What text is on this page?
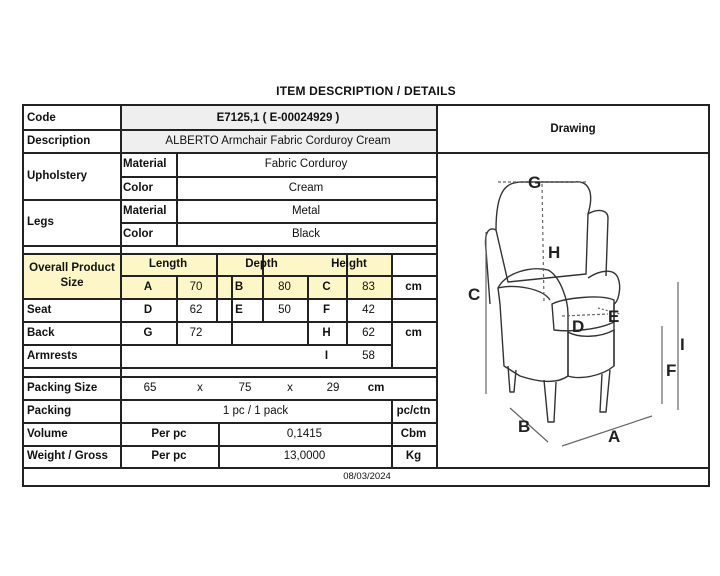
ITEM DESCRIPTION / DETAILS
Code	E7125,1 ( E-00024929 )
Drawing
Description	ALBERTO Armchair Fabric Corduroy Cream
Upholstery
Material	Fabric Corduroy
Color	Cream
Legs
Material	Metal
Color	Black
Overall Product Size
Length	Depth	Height
A	70	B	80	C	83	cm
Seat	D	62	E	50	F	42
Back	G	72	H	62	cm
Armrests	I	58
Packing Size	65	x	75	x	29	cm
Packing	1 pc / 1 pack	pc/ctn
Volume	Per pc	0,1415	Cbm
Weight / Gross	Per pc	13,0000	Kg
08/03/2024
C
G
H
D
E
I
F
B
A
